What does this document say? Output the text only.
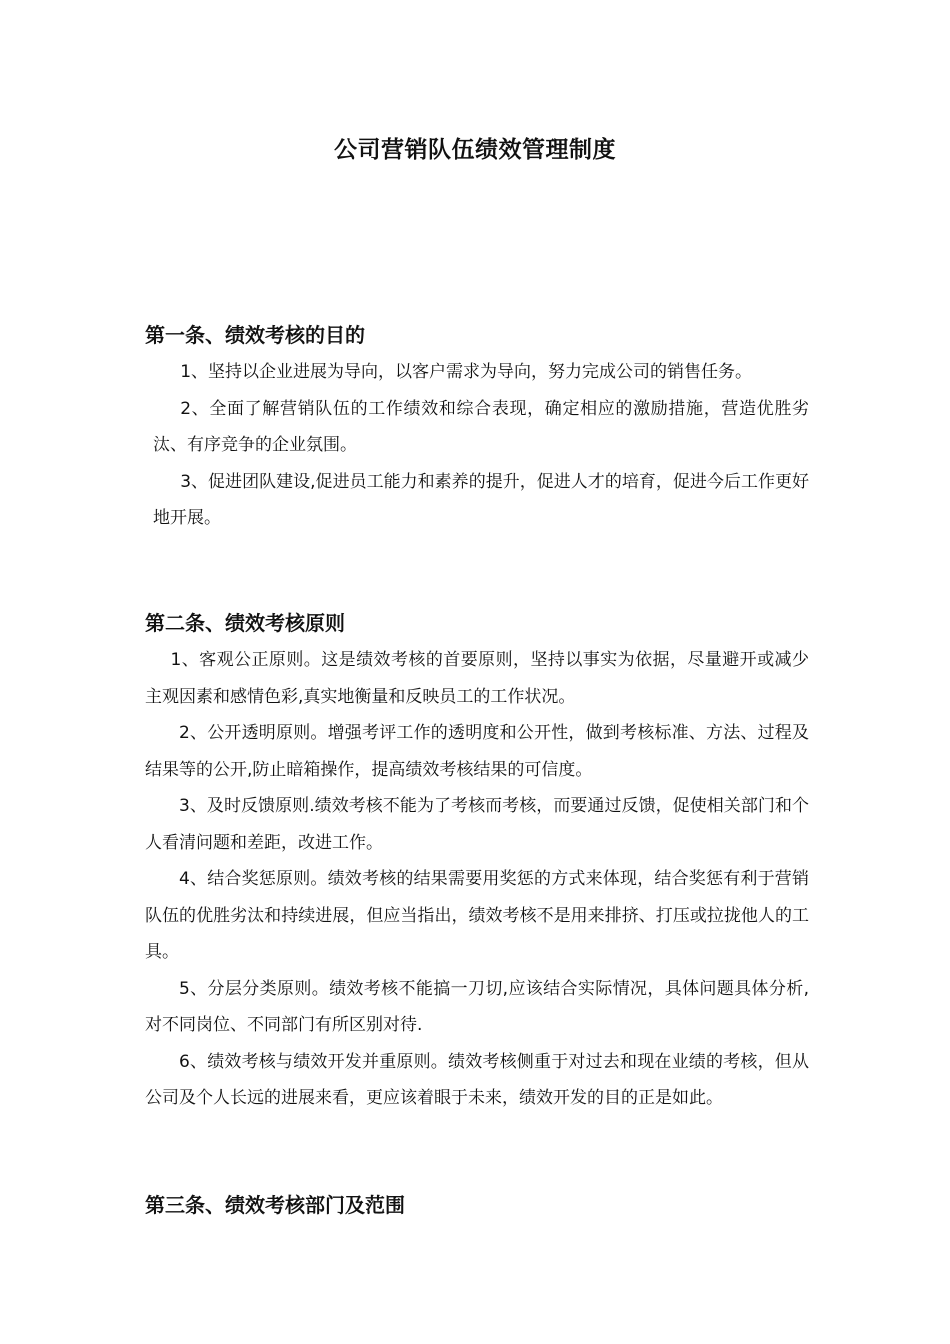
公司营销队伍绩效管理制度
第一条、绩效考核的目的

1、坚持以企业进展为导向，以客户需求为导向，努力完成公司的销售任务。

2、全面了解营销队伍的工作绩效和综合表现，确定相应的激励措施，营造优胜劣汰、有序竞争的企业氛围。

3、促进团队建设,促进员工能力和素养的提升，促进人才的培育，促进今后工作更好地开展。

第二条、绩效考核原则

1、客观公正原则。这是绩效考核的首要原则，坚持以事实为依据，尽量避开或减少主观因素和感情色彩,真实地衡量和反映员工的工作状况。

2、公开透明原则。增强考评工作的透明度和公开性，做到考核标准、方法、过程及结果等的公开,防止暗箱操作，提高绩效考核结果的可信度。

3、及时反馈原则.绩效考核不能为了考核而考核，而要通过反馈，促使相关部门和个人看清问题和差距，改进工作。

4、结合奖惩原则。绩效考核的结果需要用奖惩的方式来体现，结合奖惩有利于营销队伍的优胜劣汰和持续进展，但应当指出，绩效考核不是用来排挤、打压或拉拢他人的工具。

5、分层分类原则。绩效考核不能搞一刀切,应该结合实际情况，具体问题具体分析,对不同岗位、不同部门有所区别对待.

6、绩效考核与绩效开发并重原则。绩效考核侧重于对过去和现在业绩的考核，但从公司及个人长远的进展来看，更应该着眼于未来，绩效开发的目的正是如此。

第三条、绩效考核部门及范围
